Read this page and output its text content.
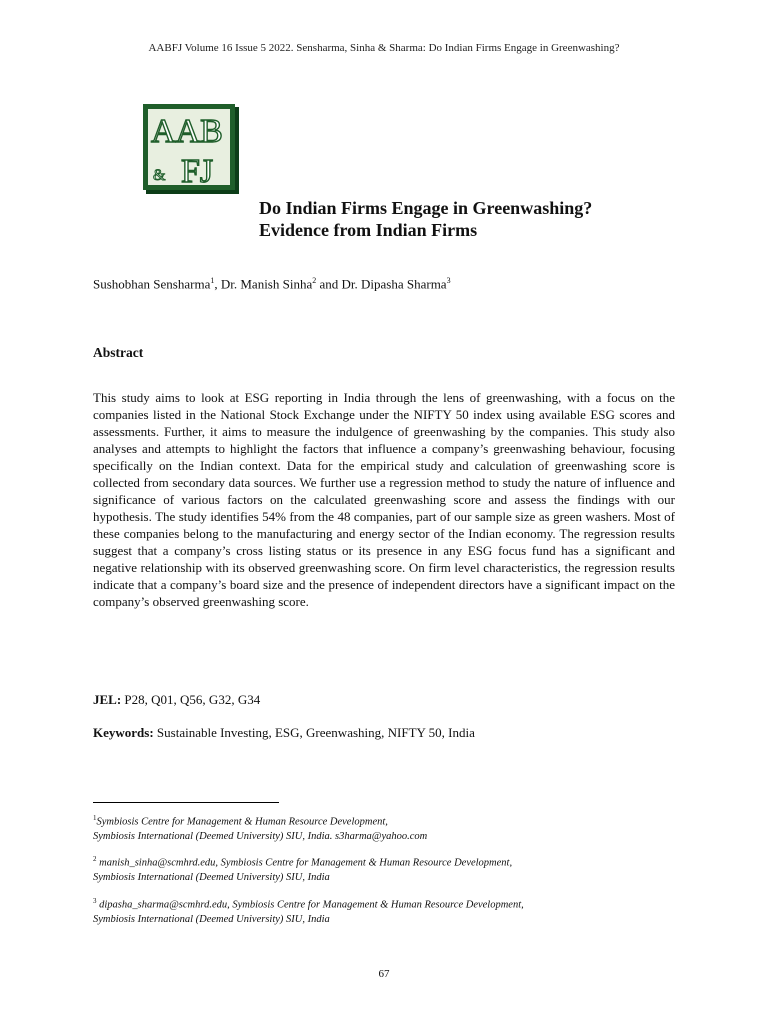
AABFJ Volume 16 Issue 5 2022. Sensharma, Sinha & Sharma: Do Indian Firms Engage in Greenwashing?
AAB
& FJ
Do Indian Firms Engage in Greenwashing?
Evidence from Indian Firms
Sushobhan Sensharma$^1$, Dr. Manish Sinha$^2$ and Dr. Dipasha Sharma$^3$
Abstract
This study aims to look at ESG reporting in India through the lens of greenwashing, with a focus on the companies listed in the National Stock Exchange under the NIFTY 50 index using available ESG scores and assessments. Further, it aims to measure the indulgence of greenwashing by the companies. This study also analyses and attempts to highlight the factors that influence a company’s greenwashing behaviour, focusing specifically on the Indian context. Data for the empirical study and calculation of greenwashing score is collected from secondary data sources. We further use a regression method to study the nature of influence and significance of various factors on the calculated greenwashing score and assess the findings with our hypothesis. The study identifies 54% from the 48 companies, part of our sample size as green washers. Most of these companies belong to the manufacturing and energy sector of the Indian economy. The regression results suggest that a company’s cross listing status or its presence in any ESG focus fund has a significant and negative relationship with its observed greenwashing score. On firm level characteristics, the regression results indicate that a company’s board size and the presence of independent directors have a significant impact on the company’s observed greenwashing score.
JEL: P28, Q01, Q56, G32, G34
Keywords: Sustainable Investing, ESG, Greenwashing, NIFTY 50, India
$^1$Symbiosis Centre for Management & Human Resource Development,
Symbiosis International (Deemed University) SIU, India. s3harma@yahoo.com
$^2$ manish_sinha@scmhrd.edu, Symbiosis Centre for Management & Human Resource Development,
Symbiosis International (Deemed University) SIU, India
$^3$ dipasha_sharma@scmhrd.edu, Symbiosis Centre for Management & Human Resource Development,
Symbiosis International (Deemed University) SIU, India
67
